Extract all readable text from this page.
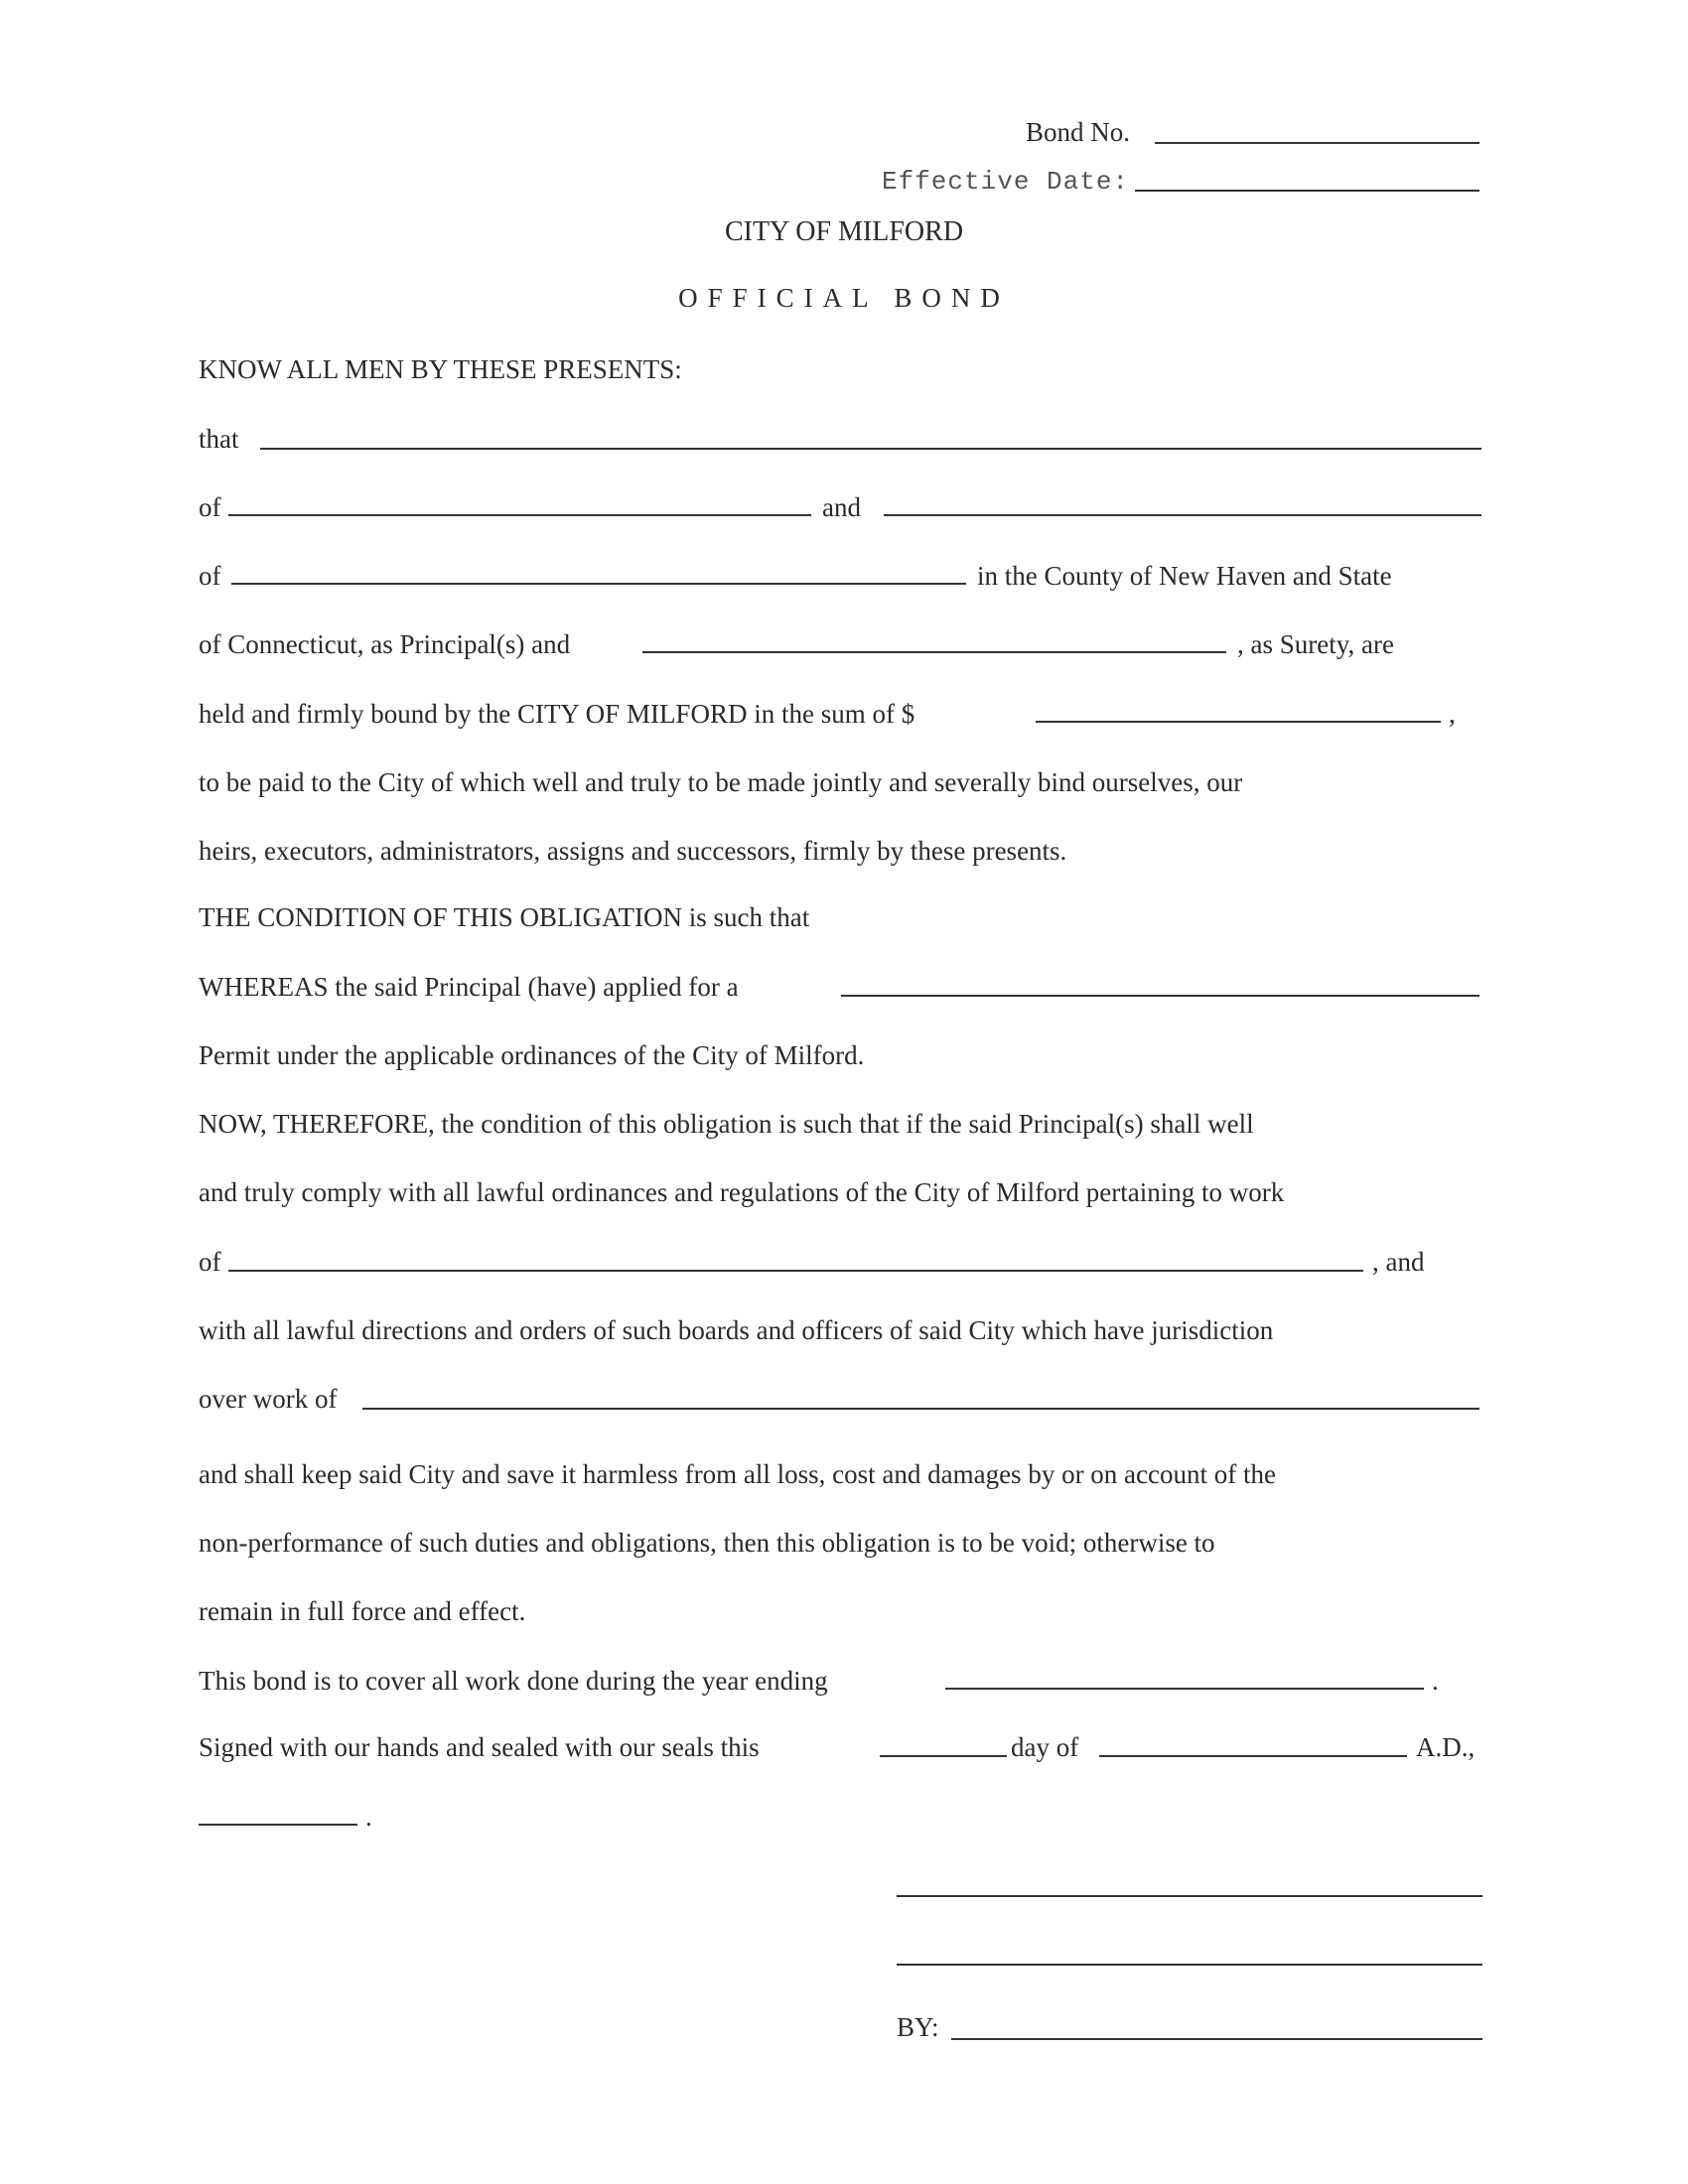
Bond No.
Effective Date:
CITY OF MILFORD
OFFICIAL BOND
KNOW ALL MEN BY THESE PRESENTS:
that
of	and
of	in the County of New Haven and State
of Connecticut, as Principal(s) and	, as Surety, are
held and firmly bound by the CITY OF MILFORD in the sum of $	,
to be paid to the City of which well and truly to be made jointly and severally bind ourselves, our
heirs, executors, administrators, assigns and successors, firmly by these presents.
THE CONDITION OF THIS OBLIGATION is such that
WHEREAS the said Principal (have) applied for a
Permit under the applicable ordinances of the City of Milford.
NOW, THEREFORE, the condition of this obligation is such that if the said Principal(s) shall well
and truly comply with all lawful ordinances and regulations of the City of Milford pertaining to work
of	, and
with all lawful directions and orders of such boards and officers of said City which have jurisdiction
over work of
and shall keep said City and save it harmless from all loss, cost and damages by or on account of the
non-performance of such duties and obligations, then this obligation is to be void; otherwise to
remain in full force and effect.
This bond is to cover all work done during the year ending	.
Signed with our hands and sealed with our seals this	day of	A.D.,
.
BY:
